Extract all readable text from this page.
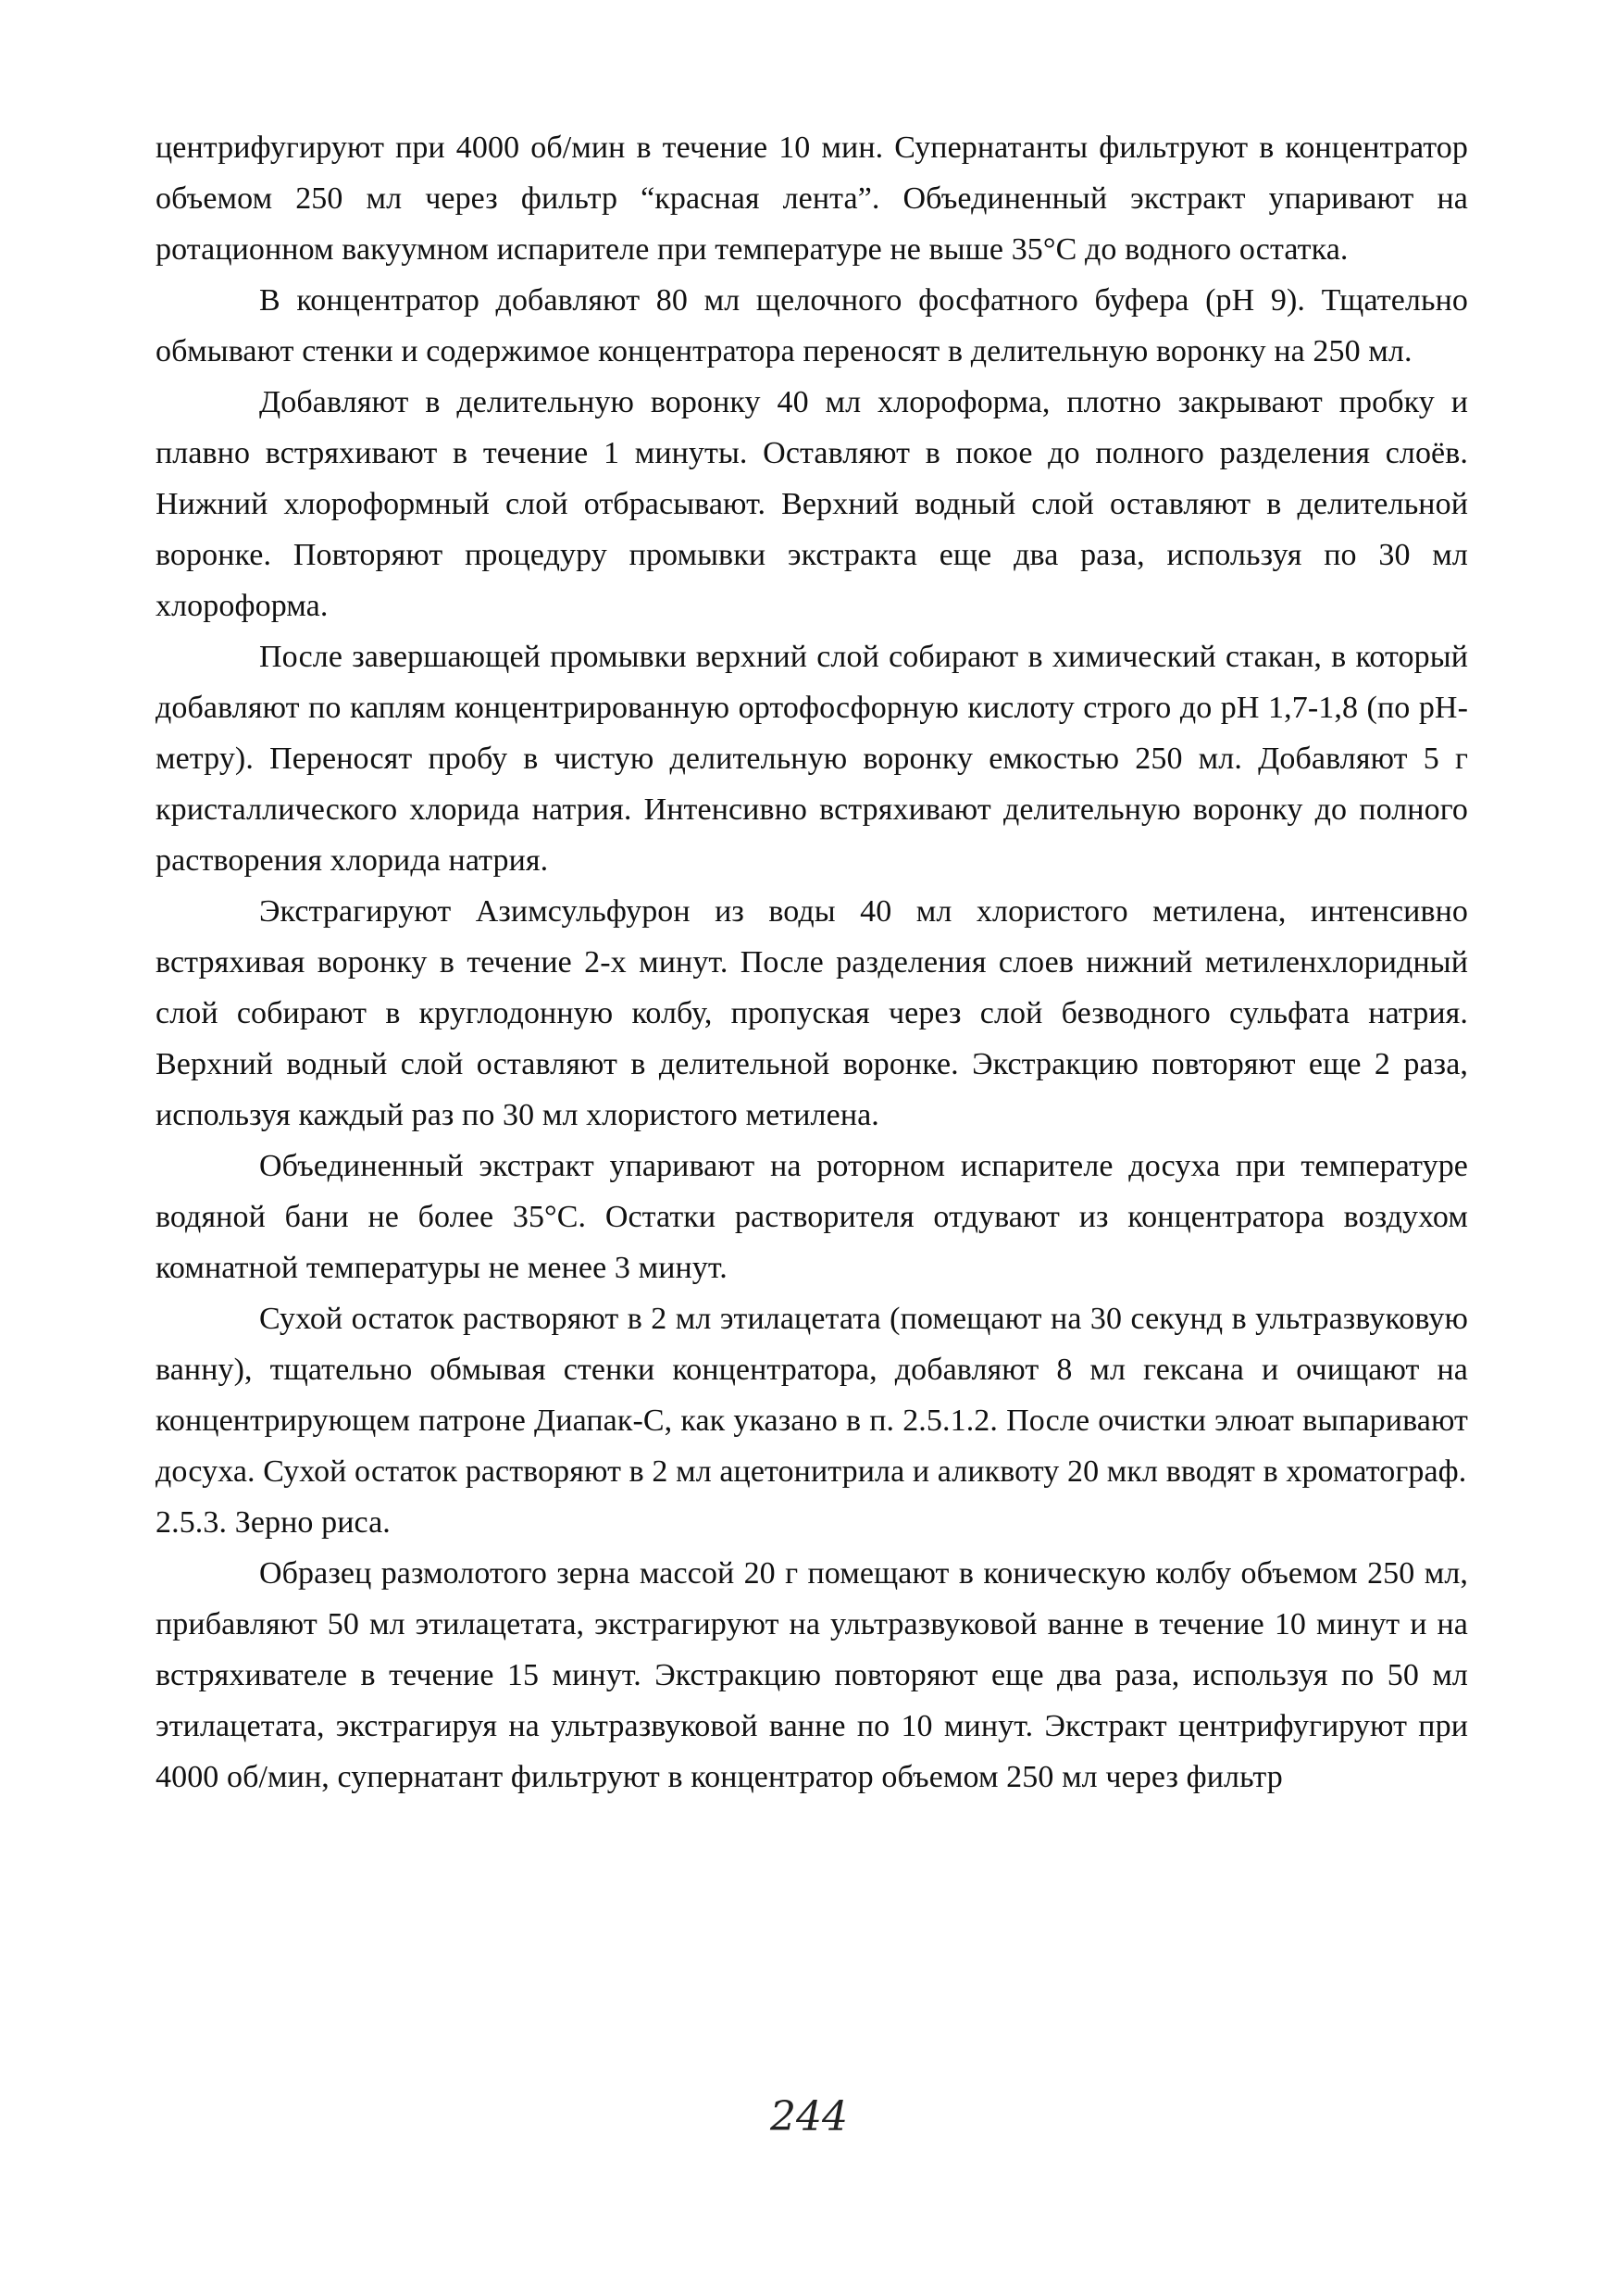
центрифугируют при 4000 об/мин в течение 10 мин. Супернатанты фильтруют в концентратор объемом 250 мл через фильтр “красная лента”. Объединенный экстракт упаривают на ротационном вакуумном испарителе при температуре не выше 35°С до водного остатка.

В концентратор добавляют 80 мл щелочного фосфатного буфера (рН 9). Тщательно обмывают стенки и содержимое концентратора переносят в делительную воронку на 250 мл.

Добавляют в делительную воронку 40 мл хлороформа, плотно закрывают пробку и плавно встряхивают в течение 1 минуты. Оставляют в покое до полного разделения слоёв. Нижний хлороформный слой отбрасывают. Верхний водный слой оставляют в делительной воронке. Повторяют процедуру промывки экстракта еще два раза, используя по 30 мл хлороформа.

После завершающей промывки верхний слой собирают в химический стакан, в который добавляют по каплям концентрированную ортофосфорную кислоту строго до рН 1,7-1,8 (по рН-метру). Переносят пробу в чистую делительную воронку емкостью 250 мл. Добавляют 5 г кристаллического хлорида натрия. Интенсивно встряхивают делительную воронку до полного растворения хлорида натрия.

Экстрагируют Азимсульфурон из воды 40 мл хлористого метилена, интенсивно встряхивая воронку в течение 2-х минут. После разделения слоев нижний метиленхлоридный слой собирают в круглодонную колбу, пропуская через слой безводного сульфата натрия. Верхний водный слой оставляют в делительной воронке. Экстракцию повторяют еще 2 раза, используя каждый раз по 30 мл хлористого метилена.

Объединенный экстракт упаривают на роторном испарителе досуха при температуре водяной бани не более 35°С. Остатки растворителя отдувают из концентратора воздухом комнатной температуры не менее 3 минут.

Сухой остаток растворяют в 2 мл этилацетата (помещают на 30 секунд в ультразвуковую ванну), тщательно обмывая стенки концентратора, добавляют 8 мл гексана и очищают на концентрирующем патроне Диапак-С, как указано в п. 2.5.1.2. После очистки элюат выпаривают досуха. Сухой остаток растворяют в 2 мл ацетонитрила и аликвоту 20 мкл вводят в хроматограф.

2.5.3. Зерно риса.

Образец размолотого зерна массой 20 г помещают в коническую колбу объемом 250 мл, прибавляют 50 мл этилацетата, экстрагируют на ультразвуковой ванне в течение 10 минут и на встряхивателе в течение 15 минут. Экстракцию повторяют еще два раза, используя по 50 мл этилацетата, экстрагируя на ультразвуковой ванне по 10 минут. Экстракт центрифугируют при 4000 об/мин, супернатант фильтруют в концентратор объемом 250 мл через фильтр

244
